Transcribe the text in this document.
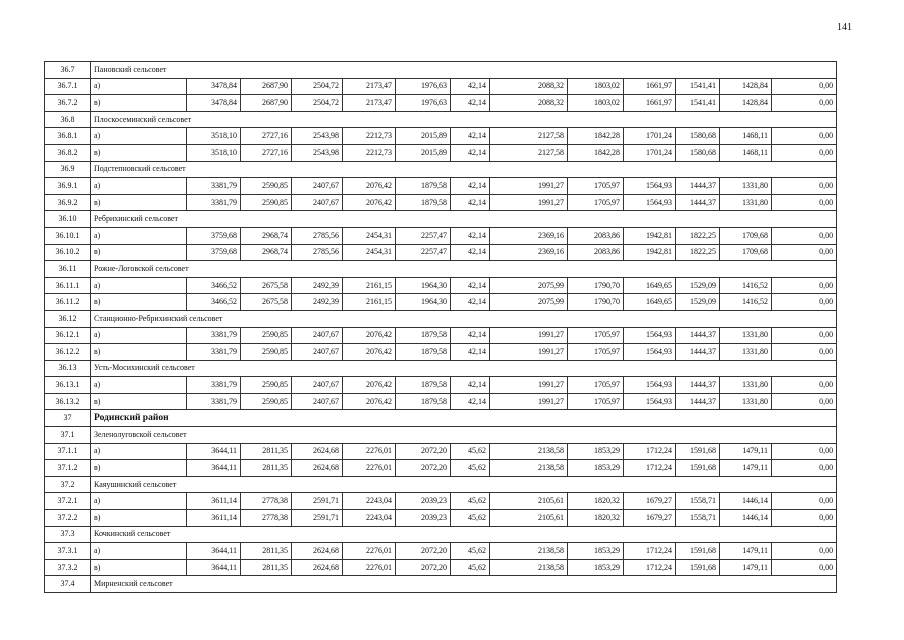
141
36.7	Пановский сельсовет												
36.7.1	а)	3478,84	2687,90	2504,72	2173,47	1976,63	42,14	2088,32	1803,02	1661,97	1541,41	1428,84	0,00
36.7.2	в)	3478,84	2687,90	2504,72	2173,47	1976,63	42,14	2088,32	1803,02	1661,97	1541,41	1428,84	0,00
36.8	Плоскосеминский сельсовет												
36.8.1	а)	3518,10	2727,16	2543,98	2212,73	2015,89	42,14	2127,58	1842,28	1701,24	1580,68	1468,11	0,00
36.8.2	в)	3518,10	2727,16	2543,98	2212,73	2015,89	42,14	2127,58	1842,28	1701,24	1580,68	1468,11	0,00
36.9	Подстепновский сельсовет												
36.9.1	а)	3381,79	2590,85	2407,67	2076,42	1879,58	42,14	1991,27	1705,97	1564,93	1444,37	1331,80	0,00
36.9.2	в)	3381,79	2590,85	2407,67	2076,42	1879,58	42,14	1991,27	1705,97	1564,93	1444,37	1331,80	0,00
36.10	Ребрихинский сельсовет												
36.10.1	а)	3759,68	2968,74	2785,56	2454,31	2257,47	42,14	2369,16	2083,86	1942,81	1822,25	1709,68	0,00
36.10.2	в)	3759,68	2968,74	2785,56	2454,31	2257,47	42,14	2369,16	2083,86	1942,81	1822,25	1709,68	0,00
36.11	Рожне-Логовской сельсовет												
36.11.1	а)	3466,52	2675,58	2492,39	2161,15	1964,30	42,14	2075,99	1790,70	1649,65	1529,09	1416,52	0,00
36.11.2	в)	3466,52	2675,58	2492,39	2161,15	1964,30	42,14	2075,99	1790,70	1649,65	1529,09	1416,52	0,00
36.12	Станционно-Ребрихинский сельсовет												
36.12.1	а)	3381,79	2590,85	2407,67	2076,42	1879,58	42,14	1991,27	1705,97	1564,93	1444,37	1331,80	0,00
36.12.2	в)	3381,79	2590,85	2407,67	2076,42	1879,58	42,14	1991,27	1705,97	1564,93	1444,37	1331,80	0,00
36.13	Усть-Мосихинский сельсовет												
36.13.1	а)	3381,79	2590,85	2407,67	2076,42	1879,58	42,14	1991,27	1705,97	1564,93	1444,37	1331,80	0,00
36.13.2	в)	3381,79	2590,85	2407,67	2076,42	1879,58	42,14	1991,27	1705,97	1564,93	1444,37	1331,80	0,00
37	Родинский район												
37.1	Зеленолуговской сельсовет												
37.1.1	а)	3644,11	2811,35	2624,68	2276,01	2072,20	45,62	2138,58	1853,29	1712,24	1591,68	1479,11	0,00
37.1.2	в)	3644,11	2811,35	2624,68	2276,01	2072,20	45,62	2138,58	1853,29	1712,24	1591,68	1479,11	0,00
37.2	Каяушинский сельсовет												
37.2.1	а)	3611,14	2778,38	2591,71	2243,04	2039,23	45,62	2105,61	1820,32	1679,27	1558,71	1446,14	0,00
37.2.2	в)	3611,14	2778,38	2591,71	2243,04	2039,23	45,62	2105,61	1820,32	1679,27	1558,71	1446,14	0,00
37.3	Кочкинский сельсовет												
37.3.1	а)	3644,11	2811,35	2624,68	2276,01	2072,20	45,62	2138,58	1853,29	1712,24	1591,68	1479,11	0,00
37.3.2	в)	3644,11	2811,35	2624,68	2276,01	2072,20	45,62	2138,58	1853,29	1712,24	1591,68	1479,11	0,00
37.4	Мирненский сельсовет												
